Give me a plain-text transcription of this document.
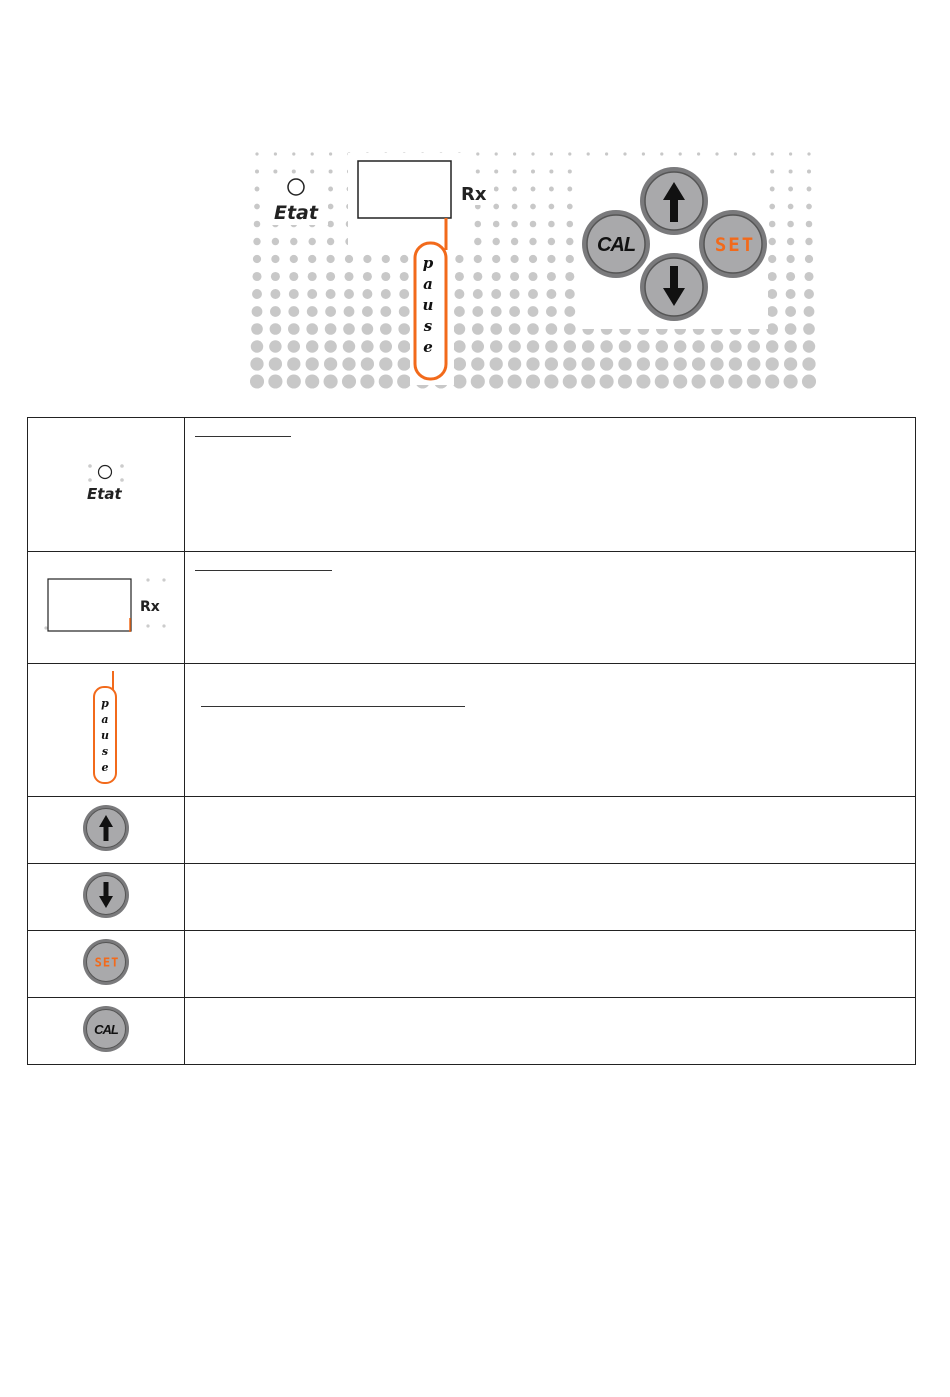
Etat
Rx
p
a
u
s
e
CAL	SET
Etat	

Rx	

p
a
u
s
e	

SET	

CAL	
